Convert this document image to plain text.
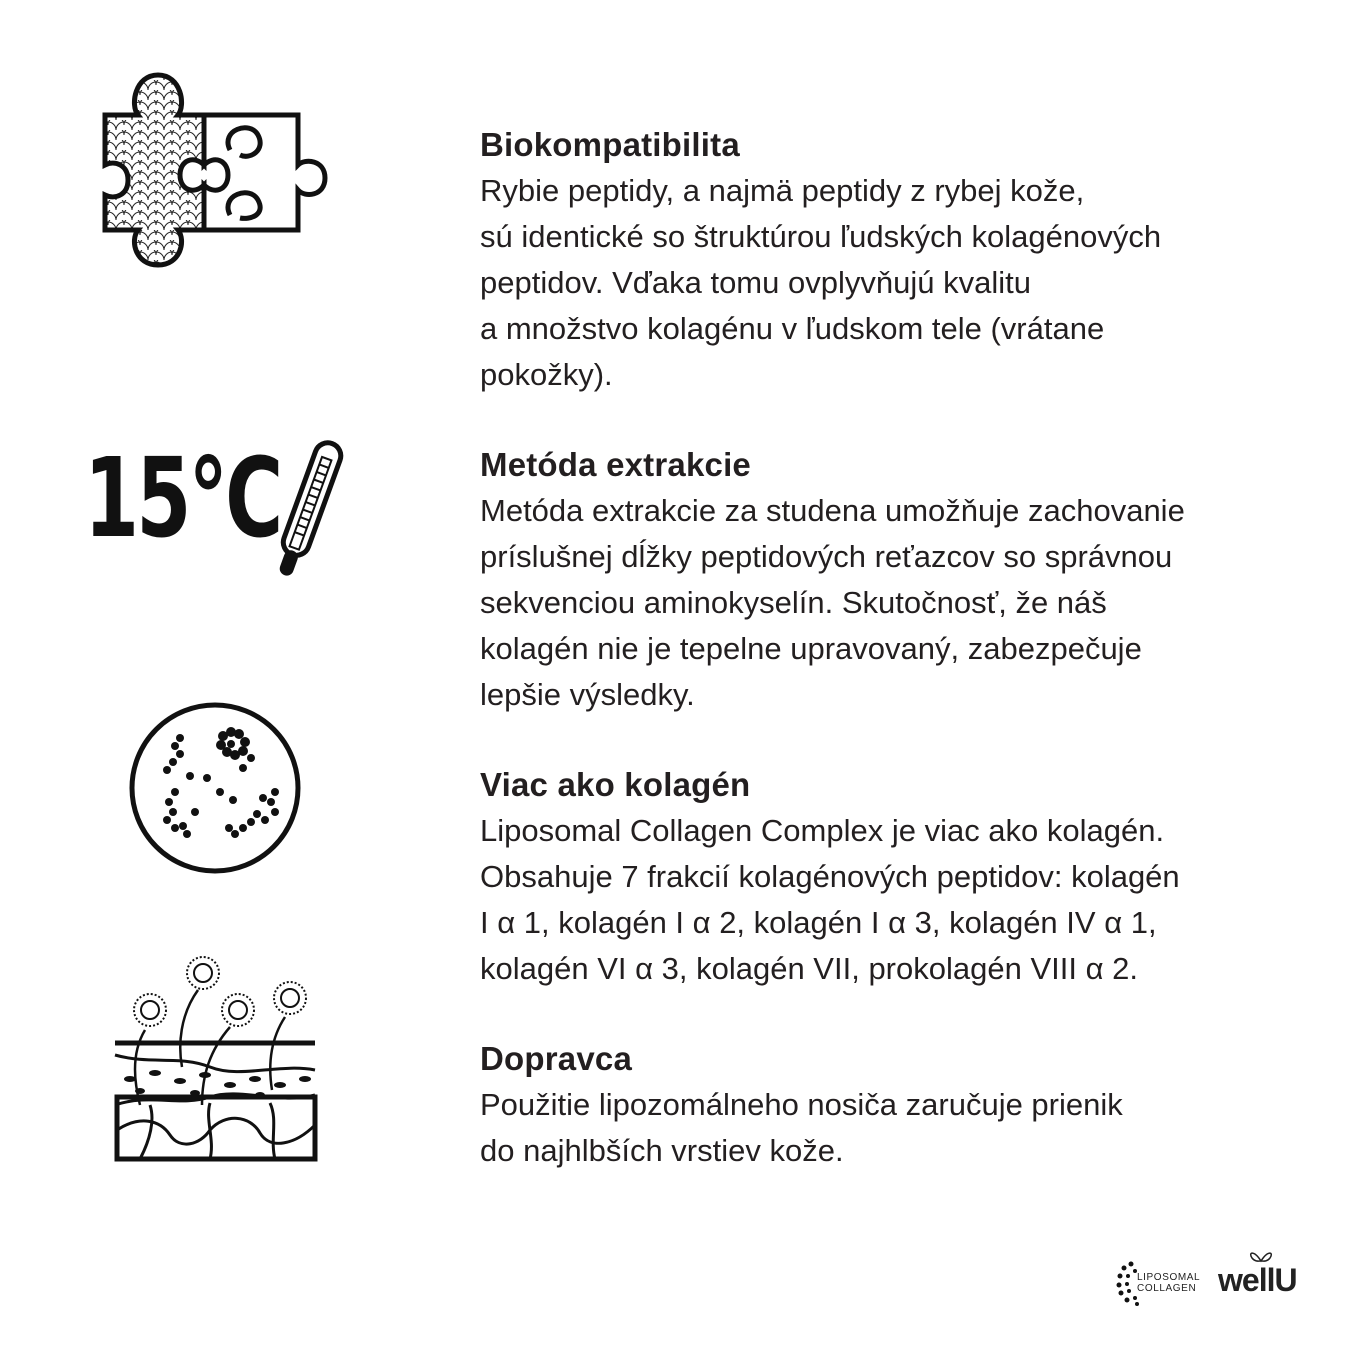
15°C
Biokompatibilita
Rybie peptidy, a najmä peptidy z rybej kože,
sú identické so štruktúrou ľudských kolagénových
peptidov. Vďaka tomu ovplyvňujú kvalitu
a množstvo kolagénu v ľudskom tele (vrátane
pokožky).
Metóda extrakcie
Metóda extrakcie za studena umožňuje zachovanie
príslušnej dĺžky peptidových reťazcov so správnou
sekvenciou aminokyselín. Skutočnosť, že náš
kolagén nie je tepelne upravovaný, zabezpečuje
lepšie výsledky.
Viac ako kolagén
Liposomal Collagen Complex je viac ako kolagén.
Obsahuje 7 frakcií kolagénových peptidov: kolagén
I α 1, kolagén I α 2, kolagén I α 3, kolagén IV α 1,
kolagén VI α 3, kolagén VII, prokolagén VIII α 2.
Dopravca
Použitie lipozomálneho nosiča zaručuje prienik
do najhlbších vrstiev kože.
LIPOSOMAL
COLLAGEN wellU
